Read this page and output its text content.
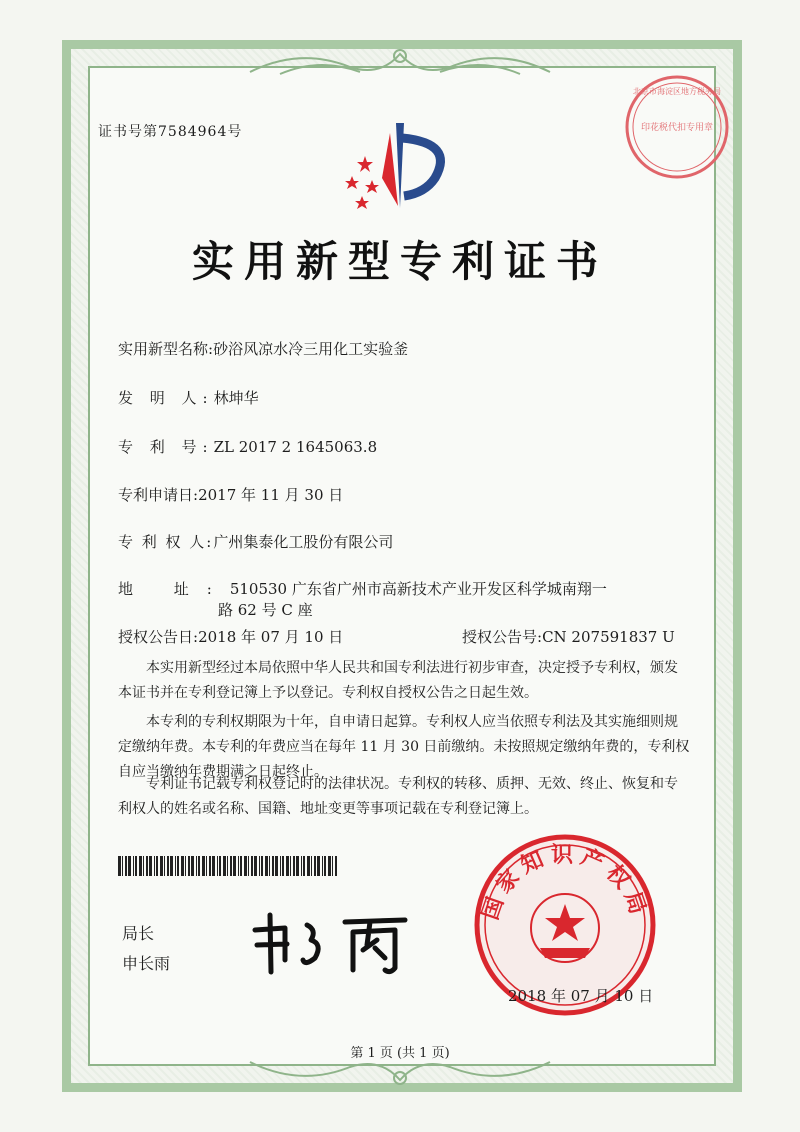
证书号第7584964号
北京市海淀区地方税务局
印花税代扣专用章
实用新型专利证书
实用新型名称:砂浴风凉水冷三用化工实验釜
发 明 人:林坤华
专 利 号:ZL 2017 2 1645063.8
专利申请日:2017 年 11 月 30 日
专 利 权 人:广州集泰化工股份有限公司
地 址:510530 广东省广州市高新技术产业开发区科学城南翔一
路 62 号 C 座
授权公告日:2018 年 07 月 10 日	授权公告号:CN 207591837 U
本实用新型经过本局依照中华人民共和国专利法进行初步审查，决定授予专利权，颁发
本证书并在专利登记簿上予以登记。专利权自授权公告之日起生效。
本专利的专利权期限为十年，自申请日起算。专利权人应当依照专利法及其实施细则规
定缴纳年费。本专利的年费应当在每年 11 月 30 日前缴纳。未按照规定缴纳年费的，专利权
自应当缴纳年费期满之日起终止。
专利证书记载专利权登记时的法律状况。专利权的转移、质押、无效、终止、恢复和专
利权人的姓名或名称、国籍、地址变更等事项记载在专利登记簿上。
局长
申长雨
国家知识产权局
2018 年 07 月 10 日
第 1 页 (共 1 页)
